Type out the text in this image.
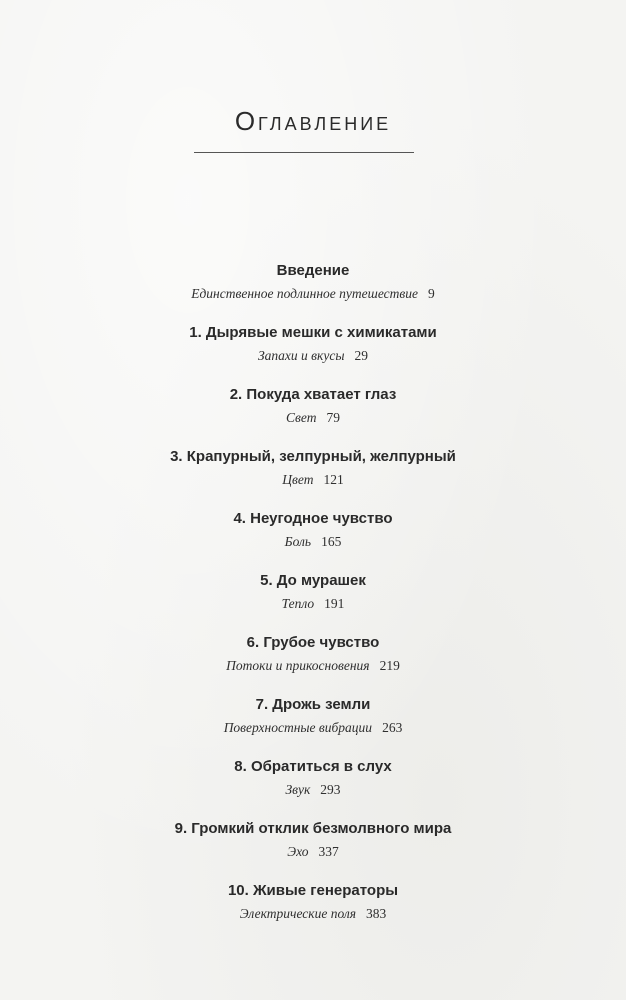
Оглавление
Введение
Единственное подлинное путешествие 9
1. Дырявые мешки с химикатами
Запахи и вкусы 29
2. Покуда хватает глаз
Свет 79
3. Крапурный, зелпурный, желпурный
Цвет 121
4. Неугодное чувство
Боль 165
5. До мурашек
Тепло 191
6. Грубое чувство
Потоки и прикосновения 219
7. Дрожь земли
Поверхностные вибрации 263
8. Обратиться в слух
Звук 293
9. Громкий отклик безмолвного мира
Эхо 337
10. Живые генераторы
Электрические поля 383
